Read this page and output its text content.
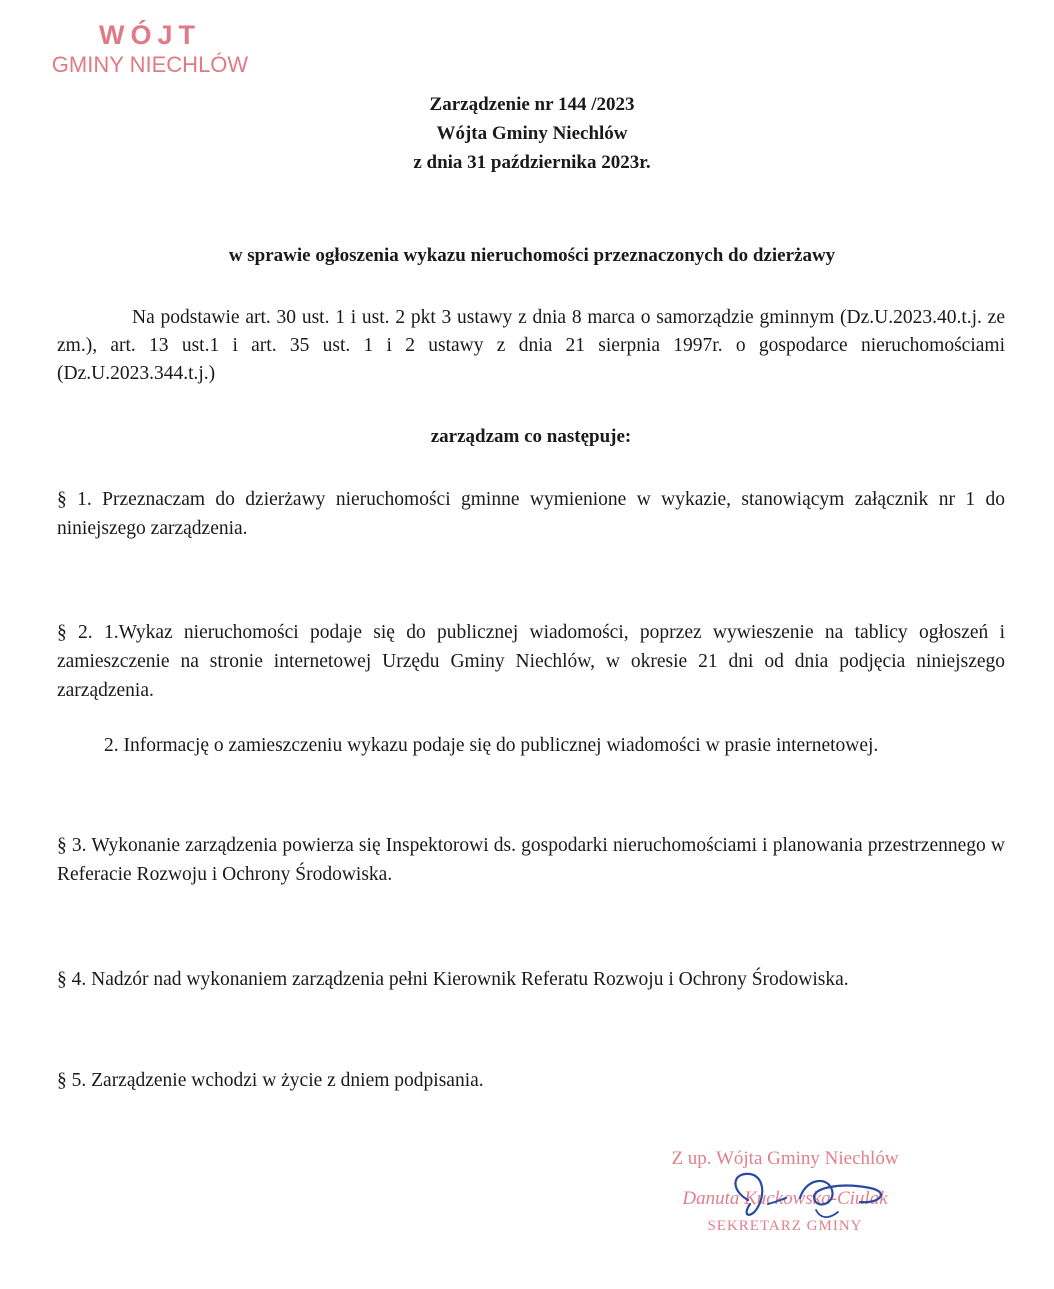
WÓJT
GMINY NIECHLÓW
Zarządzenie nr 144 /2023
Wójta Gminy Niechlów
z dnia 31 października 2023r.
w sprawie ogłoszenia wykazu nieruchomości przeznaczonych do dzierżawy
Na podstawie art. 30 ust. 1 i ust. 2 pkt 3 ustawy z dnia 8 marca o samorządzie gminnym (Dz.U.2023.40.t.j. ze zm.), art. 13 ust.1 i art. 35 ust. 1 i 2 ustawy z dnia 21 sierpnia 1997r. o gospodarce nieruchomościami (Dz.U.2023.344.t.j.)
zarządzam co następuje:
§ 1. Przeznaczam do dzierżawy nieruchomości gminne wymienione w wykazie, stanowiącym załącznik nr 1 do niniejszego zarządzenia.
§ 2. 1.Wykaz nieruchomości podaje się do publicznej wiadomości, poprzez wywieszenie na tablicy ogłoszeń i zamieszczenie na stronie internetowej Urzędu Gminy Niechlów, w okresie 21 dni od dnia podjęcia niniejszego zarządzenia.
2. Informację o zamieszczeniu wykazu podaje się do publicznej wiadomości w prasie internetowej.
§ 3. Wykonanie zarządzenia powierza się Inspektorowi ds. gospodarki nieruchomościami i planowania przestrzennego w Referacie Rozwoju i Ochrony Środowiska.
§ 4. Nadzór nad wykonaniem zarządzenia pełni Kierownik Referatu Rozwoju i Ochrony Środowiska.
§ 5. Zarządzenie wchodzi w życie z dniem podpisania.
Z up. Wójta Gminy Niechlów
Danuta Kuckowska-Ciulak
SEKRETARZ GMINY
